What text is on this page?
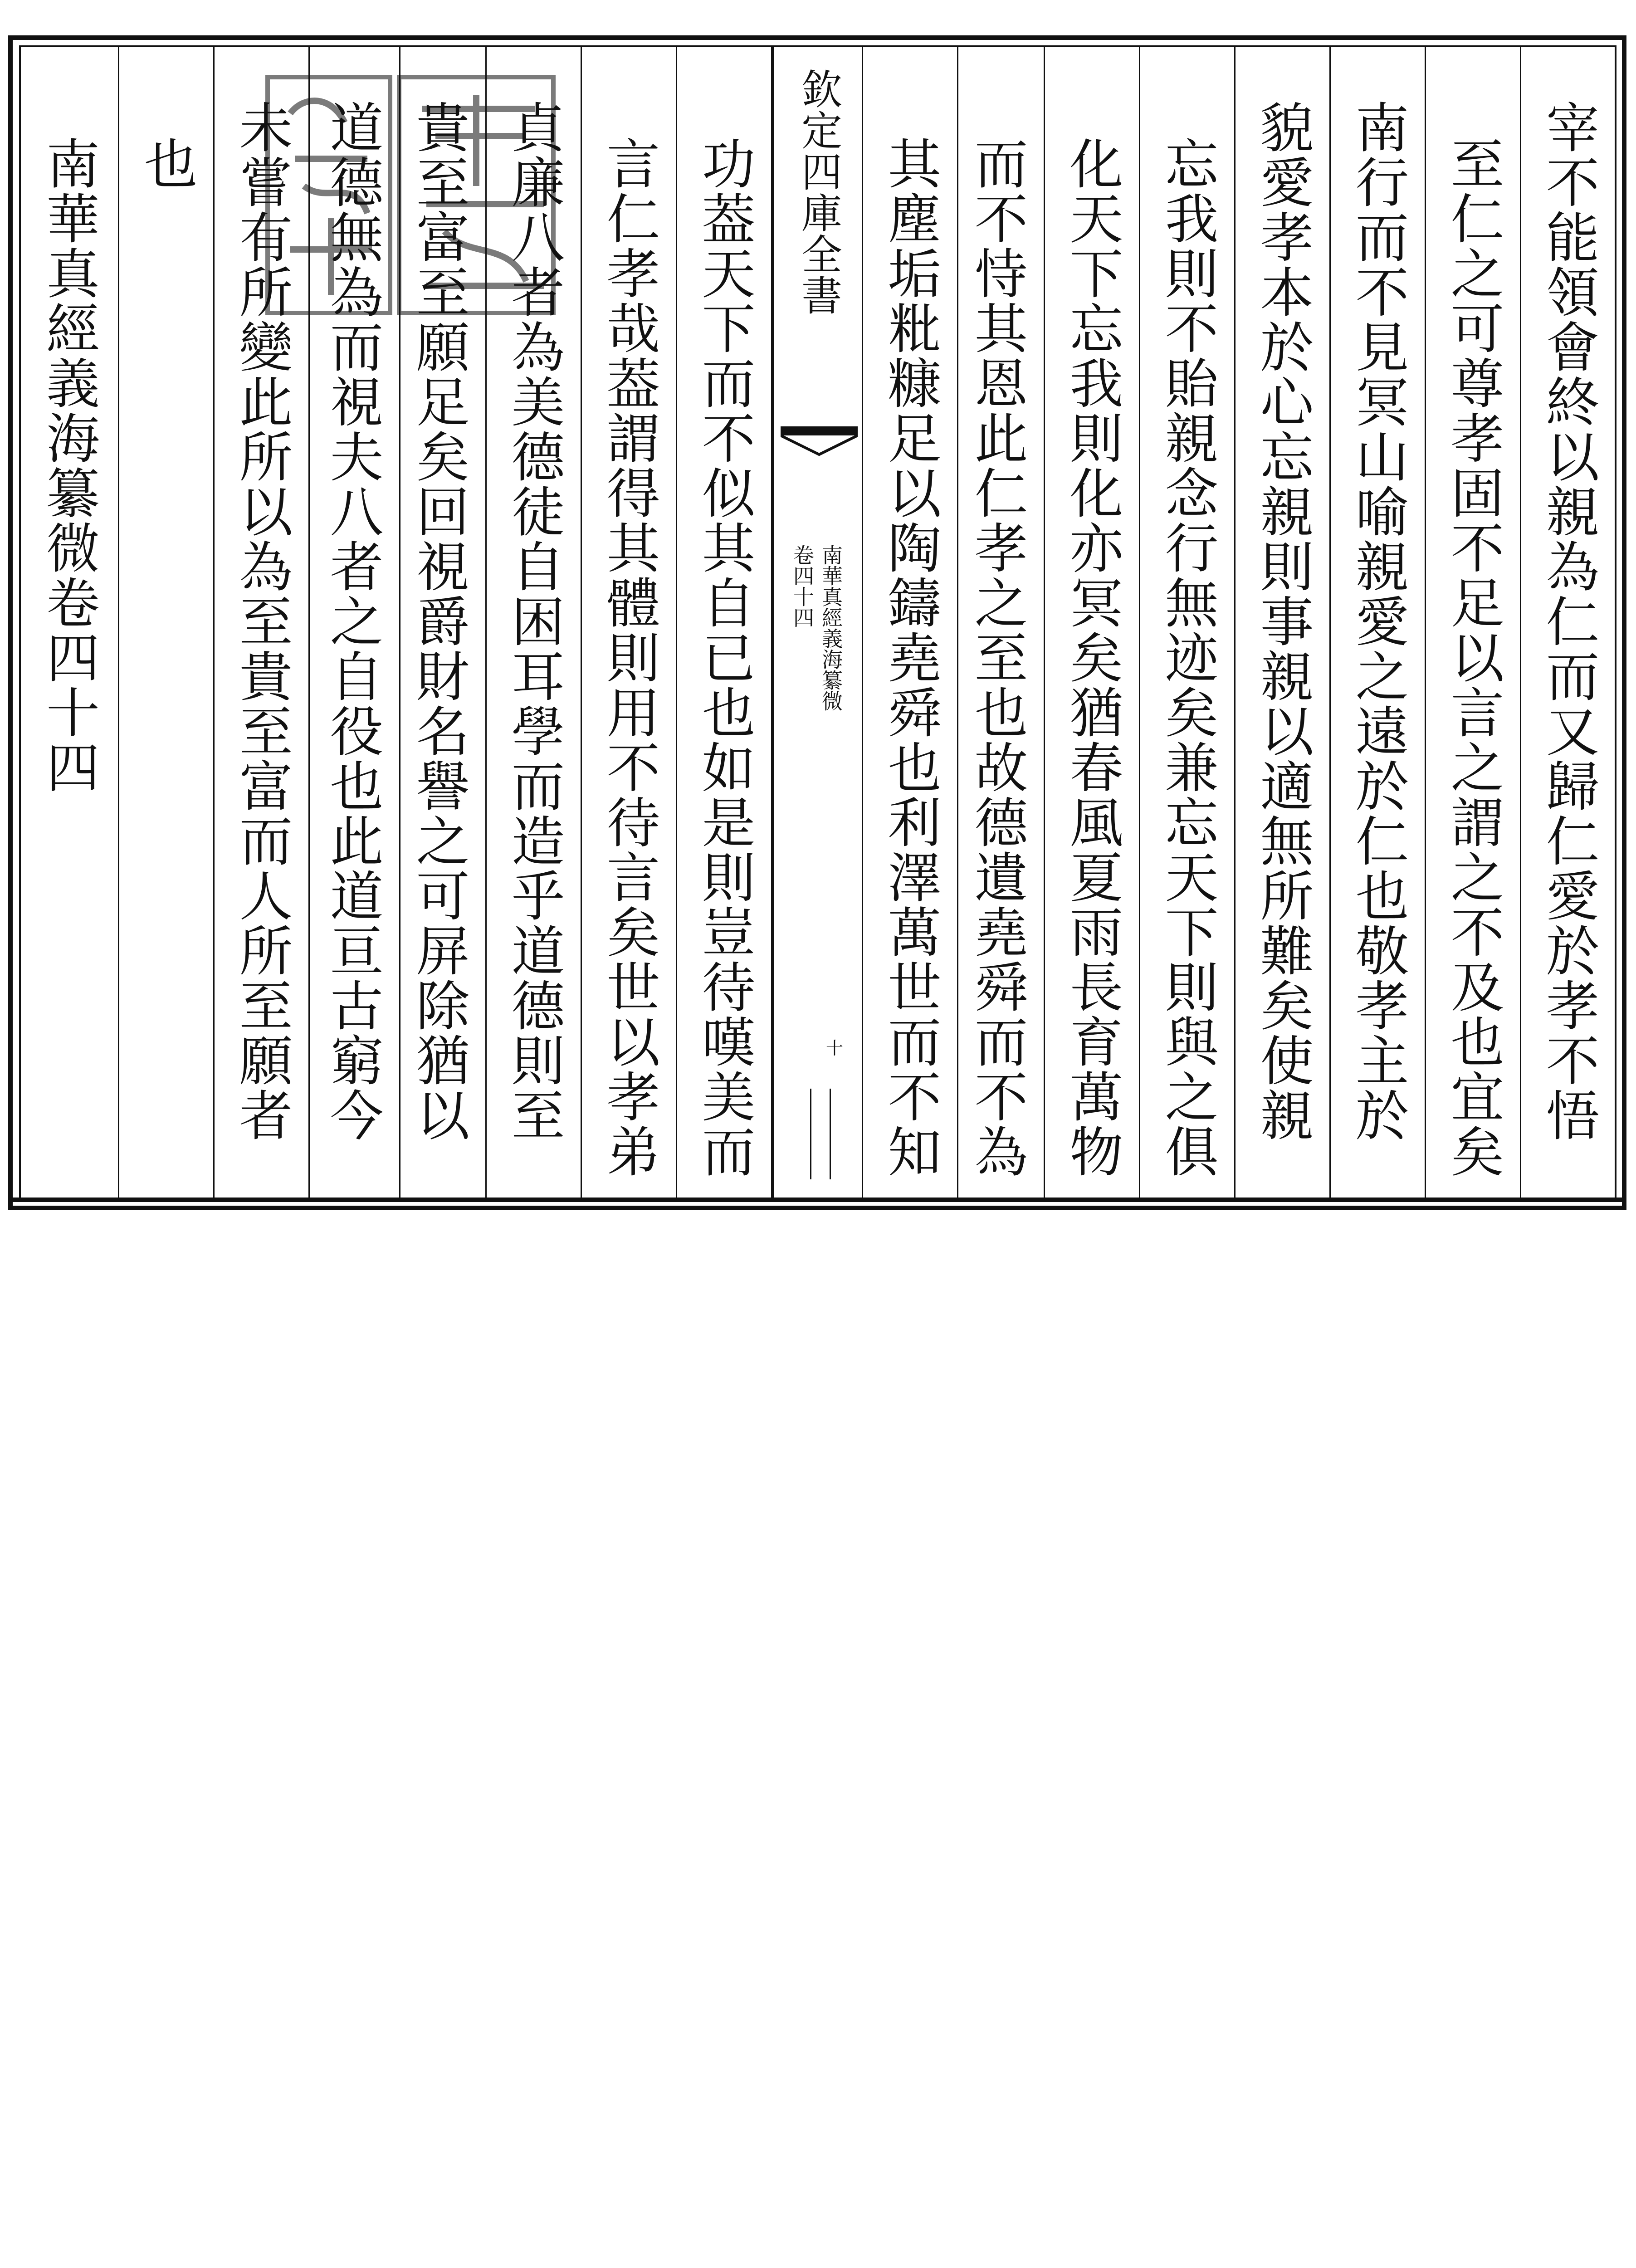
宰不能領會終以親為仁而又歸仁愛於孝不悟
至仁之可尊孝固不足以言之謂之不及也宜矣
南行而不見冥山喻親愛之遠於仁也敬孝主於
貌愛孝本於心忘親則事親以適無所難矣使親
忘我則不貽親念行無迹矣兼忘天下則與之俱
化天下忘我則化亦冥矣猶春風夏雨長育萬物
而不恃其恩此仁孝之至也故德遺堯舜而不為
其塵垢粃糠足以陶鑄堯舜也利澤萬世而不知
欽定四庫全書
南華真經義海纂微
卷四十四
十
功葢天下而不似其自已也如是則豈待嘆美而
言仁孝哉葢謂得其體則用不待言矣世以孝弟
貞廉八者為美德徒自困耳學而造乎道德則至
貴至富至願足矣回視爵財名譽之可屏除猶以
道德無為而視夫八者之自役也此道亘古窮今
未嘗有所變此所以為至貴至富而人所至願者
也
南華真經義海纂微卷四十四
